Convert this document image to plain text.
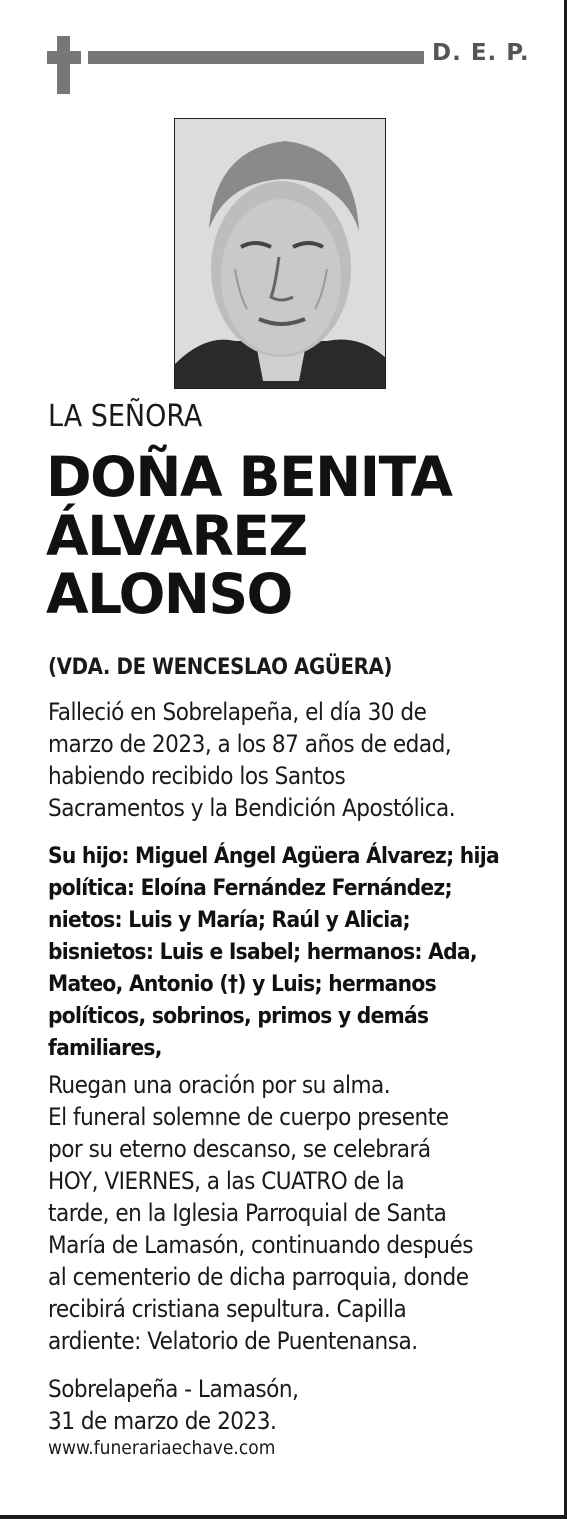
D. E. P.
LA SEÑORA
DOÑA BENITA
ÁLVAREZ
ALONSO
(VDA. DE WENCESLAO AGÜERA)
Falleció en Sobrelapeña, el día 30 de
marzo de 2023, a los 87 años de edad,
habiendo recibido los Santos
Sacramentos y la Bendición Apostólica.
Su hijo: Miguel Ángel Agüera Álvarez; hija
política: Eloína Fernández Fernández;
nietos: Luis y María; Raúl y Alicia;
bisnietos: Luis e Isabel; hermanos: Ada,
Mateo, Antonio (†) y Luis; hermanos
políticos, sobrinos, primos y demás
familiares,
Ruegan una oración por su alma.
El funeral solemne de cuerpo presente
por su eterno descanso, se celebrará
HOY, VIERNES, a las CUATRO de la
tarde, en la Iglesia Parroquial de Santa
María de Lamasón, continuando después
al cementerio de dicha parroquia, donde
recibirá cristiana sepultura. Capilla
ardiente: Velatorio de Puentenansa.
Sobrelapeña - Lamasón,
31 de marzo de 2023.
www.funerariaechave.com
